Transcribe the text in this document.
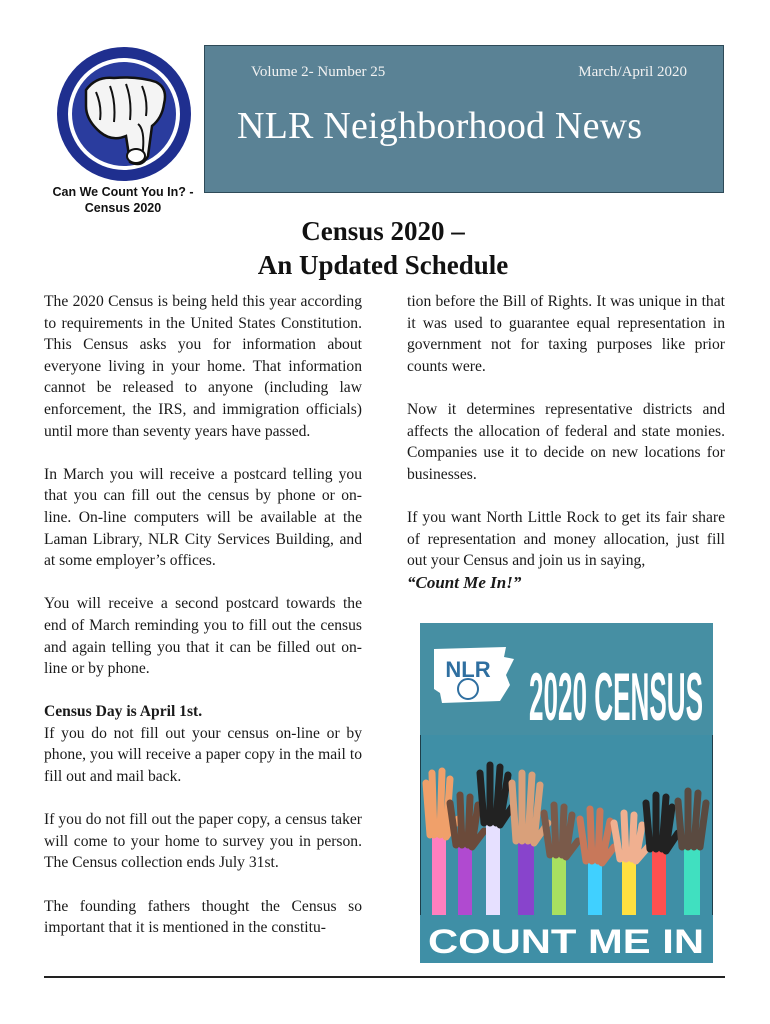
Can We Count You In? -
Census 2020
Volume 2- Number 25	March/April 2020
NLR Neighborhood News
Census 2020 –
An Updated Schedule

The 2020 Census is being held this year according to requirements in the United States Constitution. This Census asks you for information about everyone living in your home. That information cannot be released to anyone (including law enforcement, the IRS, and immigration officials) until more than seventy years have passed.

In March you will receive a postcard telling you that you can fill out the census by phone or on-line. On-line computers will be available at the Laman Library, NLR City Services Building, and at some employer’s offices.

You will receive a second postcard towards the end of March reminding you to fill out the census and again telling you that it can be filled out on-line or by phone.

Census Day is April 1st.
If you do not fill out your census on-line or by phone, you will receive a paper copy in the mail to fill out and mail back.

If you do not fill out the paper copy, a census taker will come to your home to survey you in person. The Census collection ends July 31st.

The founding fathers thought the Census so important that it is mentioned in the constitu-

tion before the Bill of Rights. It was unique in that it was used to guarantee equal representation in government not for taxing purposes like prior counts were.

Now it determines representative districts and affects the allocation of federal and state monies. Companies use it to decide on new locations for businesses.

If you want North Little Rock to get its fair share of representation and money allocation, just fill out your Census and join us in saying,
“Count Me In!”

NLR 2020 CENSUS
COUNT ME IN
